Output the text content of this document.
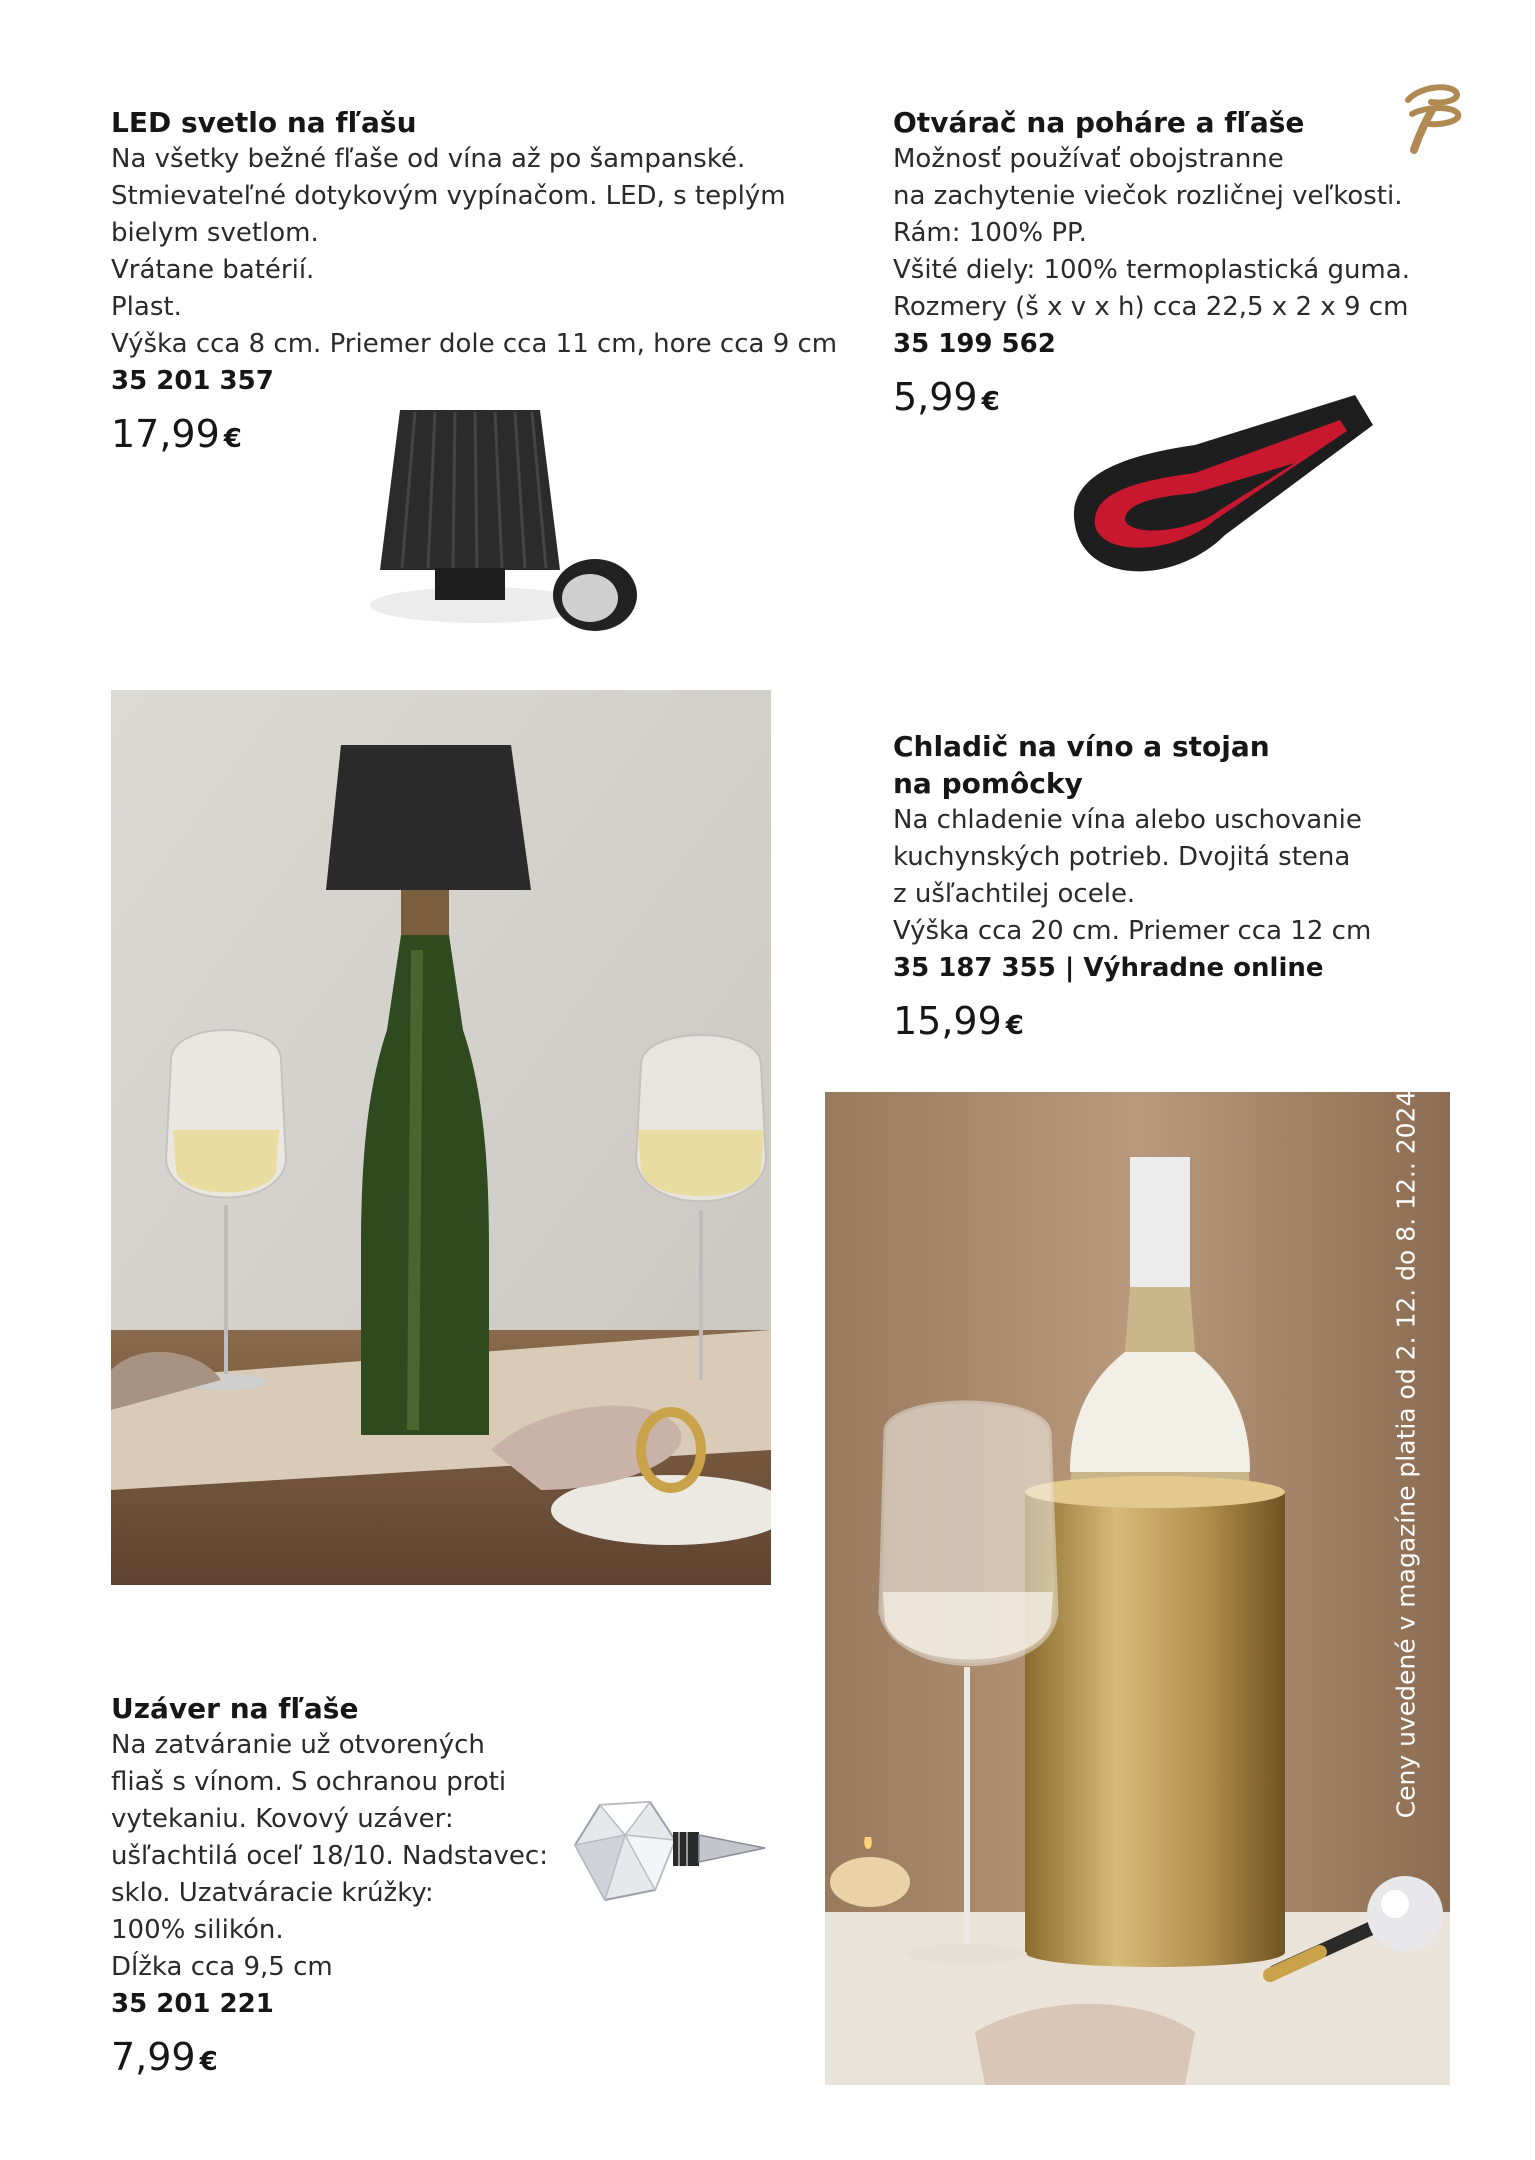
LED svetlo na fľašu
Na všetky bežné fľaše od vína až po šampanské.
Stmievateľné dotykovým vypínačom. LED, s teplým
bielym svetlom.
Vrátane batérií.
Plast.
Výška cca 8 cm. Priemer dole cca 11 cm, hore cca 9 cm
35 201 357
17,99 €
Otvárač na poháre a fľaše
Možnosť používať obojstranne
na zachytenie viečok rozličnej veľkosti.
Rám: 100% PP.
Všité diely: 100% termoplastická guma.
Rozmery (š x v x h) cca 22,5 x 2 x 9 cm
35 199 562
5,99 €
Chladič na víno a stojan
na pomôcky
Na chladenie vína alebo uschovanie
kuchynských potrieb. Dvojitá stena
z ušľachtilej ocele.
Výška cca 20 cm. Priemer cca 12 cm
35 187 355 | Výhradne online
15,99 €
Ceny uvedené v magazíne platia od 2. 12. do 8. 12.. 2024.
Uzáver na fľaše
Na zatváranie už otvorených
fliaš s vínom. S ochranou proti
vytekaniu. Kovový uzáver:
ušľachtilá oceľ 18/10. Nadstavec:
sklo. Uzatváracie krúžky:
100% silikón.
Dĺžka cca 9,5 cm
35 201 221
7,99 €
